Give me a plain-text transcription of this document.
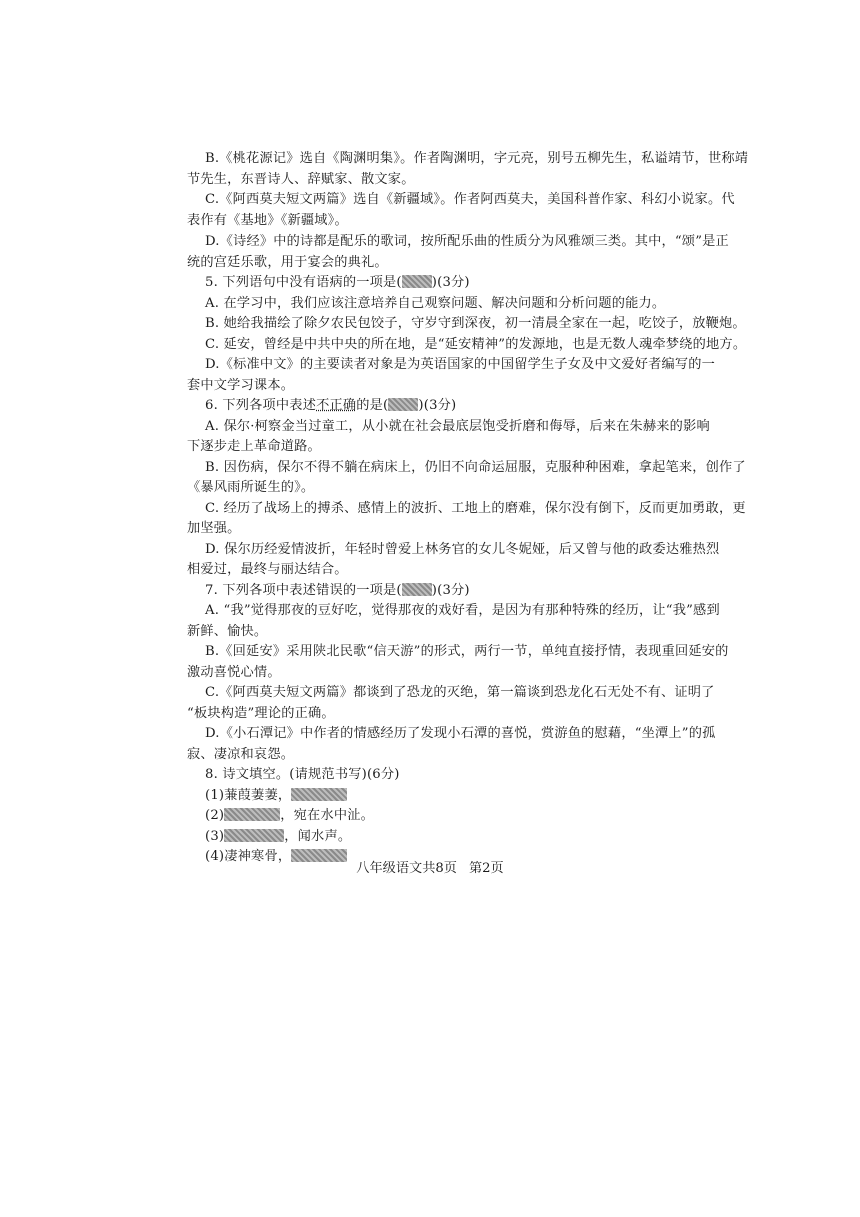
B.《桃花源记》选自《陶渊明集》。作者陶渊明，字元亮，别号五柳先生，私谥靖节，世称靖
节先生，东晋诗人、辞赋家、散文家。
C.《阿西莫夫短文两篇》选自《新疆域》。作者阿西莫夫，美国科普作家、科幻小说家。代
表作有《基地》《新疆域》。
D.《诗经》中的诗都是配乐的歌词，按所配乐曲的性质分为风雅颂三类。其中，“颂”是正
统的宫廷乐歌，用于宴会的典礼。
5. 下列语句中没有语病的一项是( )(3分)
A. 在学习中，我们应该注意培养自己观察问题、解决问题和分析问题的能力。
B. 她给我描绘了除夕农民包饺子，守岁守到深夜，初一清晨全家在一起，吃饺子，放鞭炮。
C. 延安，曾经是中共中央的所在地，是“延安精神”的发源地，也是无数人魂牵梦绕的地方。
D.《标准中文》的主要读者对象是为英语国家的中国留学生子女及中文爱好者编写的一
套中文学习课本。
6. 下列各项中表述不正确的是( )(3分)
A. 保尔·柯察金当过童工，从小就在社会最底层饱受折磨和侮辱，后来在朱赫来的影响
下逐步走上革命道路。
B. 因伤病，保尔不得不躺在病床上，仍旧不向命运屈服，克服种种困难，拿起笔来，创作了
《暴风雨所诞生的》。
C. 经历了战场上的搏杀、感情上的波折、工地上的磨难，保尔没有倒下，反而更加勇敢，更
加坚强。
D. 保尔历经爱情波折，年轻时曾爱上林务官的女儿冬妮娅，后又曾与他的政委达雅热烈
相爱过，最终与丽达结合。
7. 下列各项中表述错误的一项是( )(3分)
A. “我”觉得那夜的豆好吃，觉得那夜的戏好看，是因为有那种特殊的经历，让“我”感到
新鲜、愉快。
B.《回延安》采用陕北民歌“信天游”的形式，两行一节，单纯直接抒情，表现重回延安的
激动喜悦心情。
C.《阿西莫夫短文两篇》都谈到了恐龙的灭绝，第一篇谈到恐龙化石无处不有、证明了
“板块构造”理论的正确。
D.《小石潭记》中作者的情感经历了发现小石潭的喜悦，赏游鱼的慰藉，“坐潭上”的孤
寂、凄凉和哀怨。
8. 诗文填空。(请规范书写)(6分)
(1)蒹葭萋萋，
(2)	，宛在水中沚。
(3)	，闻水声。
(4)凄神寒骨，
八年级语文共8页 第2页
